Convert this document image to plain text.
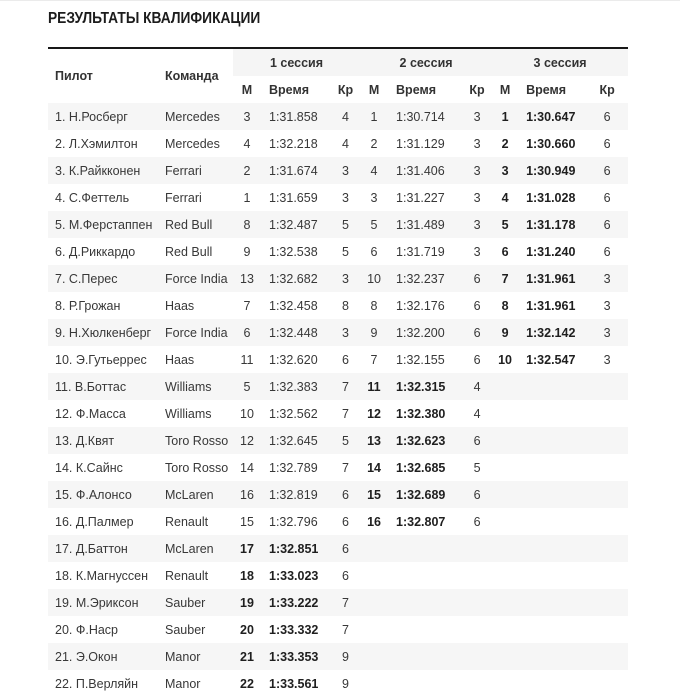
РЕЗУЛЬТАТЫ КВАЛИФИКАЦИИ
Пилот	Команда	1 сессия			2 сессия			3 сессия		
		М	Время	Кр	М	Время	Кр	М	Время	Кр
1. Н.Росберг	Mercedes	3	1:31.858	4	1	1:30.714	3	1	1:30.647	6
2. Л.Хэмилтон	Mercedes	4	1:32.218	4	2	1:31.129	3	2	1:30.660	6
3. К.Райкконен	Ferrari	2	1:31.674	3	4	1:31.406	3	3	1:30.949	6
4. С.Феттель	Ferrari	1	1:31.659	3	3	1:31.227	3	4	1:31.028	6
5. М.Ферстаппен	Red Bull	8	1:32.487	5	5	1:31.489	3	5	1:31.178	6
6. Д.Риккардо	Red Bull	9	1:32.538	5	6	1:31.719	3	6	1:31.240	6
7. С.Перес	Force India	13	1:32.682	3	10	1:32.237	6	7	1:31.961	3
8. Р.Грожан	Haas	7	1:32.458	8	8	1:32.176	6	8	1:31.961	3
9. Н.Хюлкенберг	Force India	6	1:32.448	3	9	1:32.200	6	9	1:32.142	3
10. Э.Гутьеррес	Haas	11	1:32.620	6	7	1:32.155	6	10	1:32.547	3
11. В.Боттас	Williams	5	1:32.383	7	11	1:32.315	4			
12. Ф.Масса	Williams	10	1:32.562	7	12	1:32.380	4			
13. Д.Квят	Toro Rosso	12	1:32.645	5	13	1:32.623	6			
14. К.Сайнс	Toro Rosso	14	1:32.789	7	14	1:32.685	5			
15. Ф.Алонсо	McLaren	16	1:32.819	6	15	1:32.689	6			
16. Д.Палмер	Renault	15	1:32.796	6	16	1:32.807	6			
17. Д.Баттон	McLaren	17	1:32.851	6						
18. К.Магнуссен	Renault	18	1:33.023	6						
19. М.Эриксон	Sauber	19	1:33.222	7						
20. Ф.Наср	Sauber	20	1:33.332	7						
21. Э.Окон	Manor	21	1:33.353	9						
22. П.Верляйн	Manor	22	1:33.561	9						
